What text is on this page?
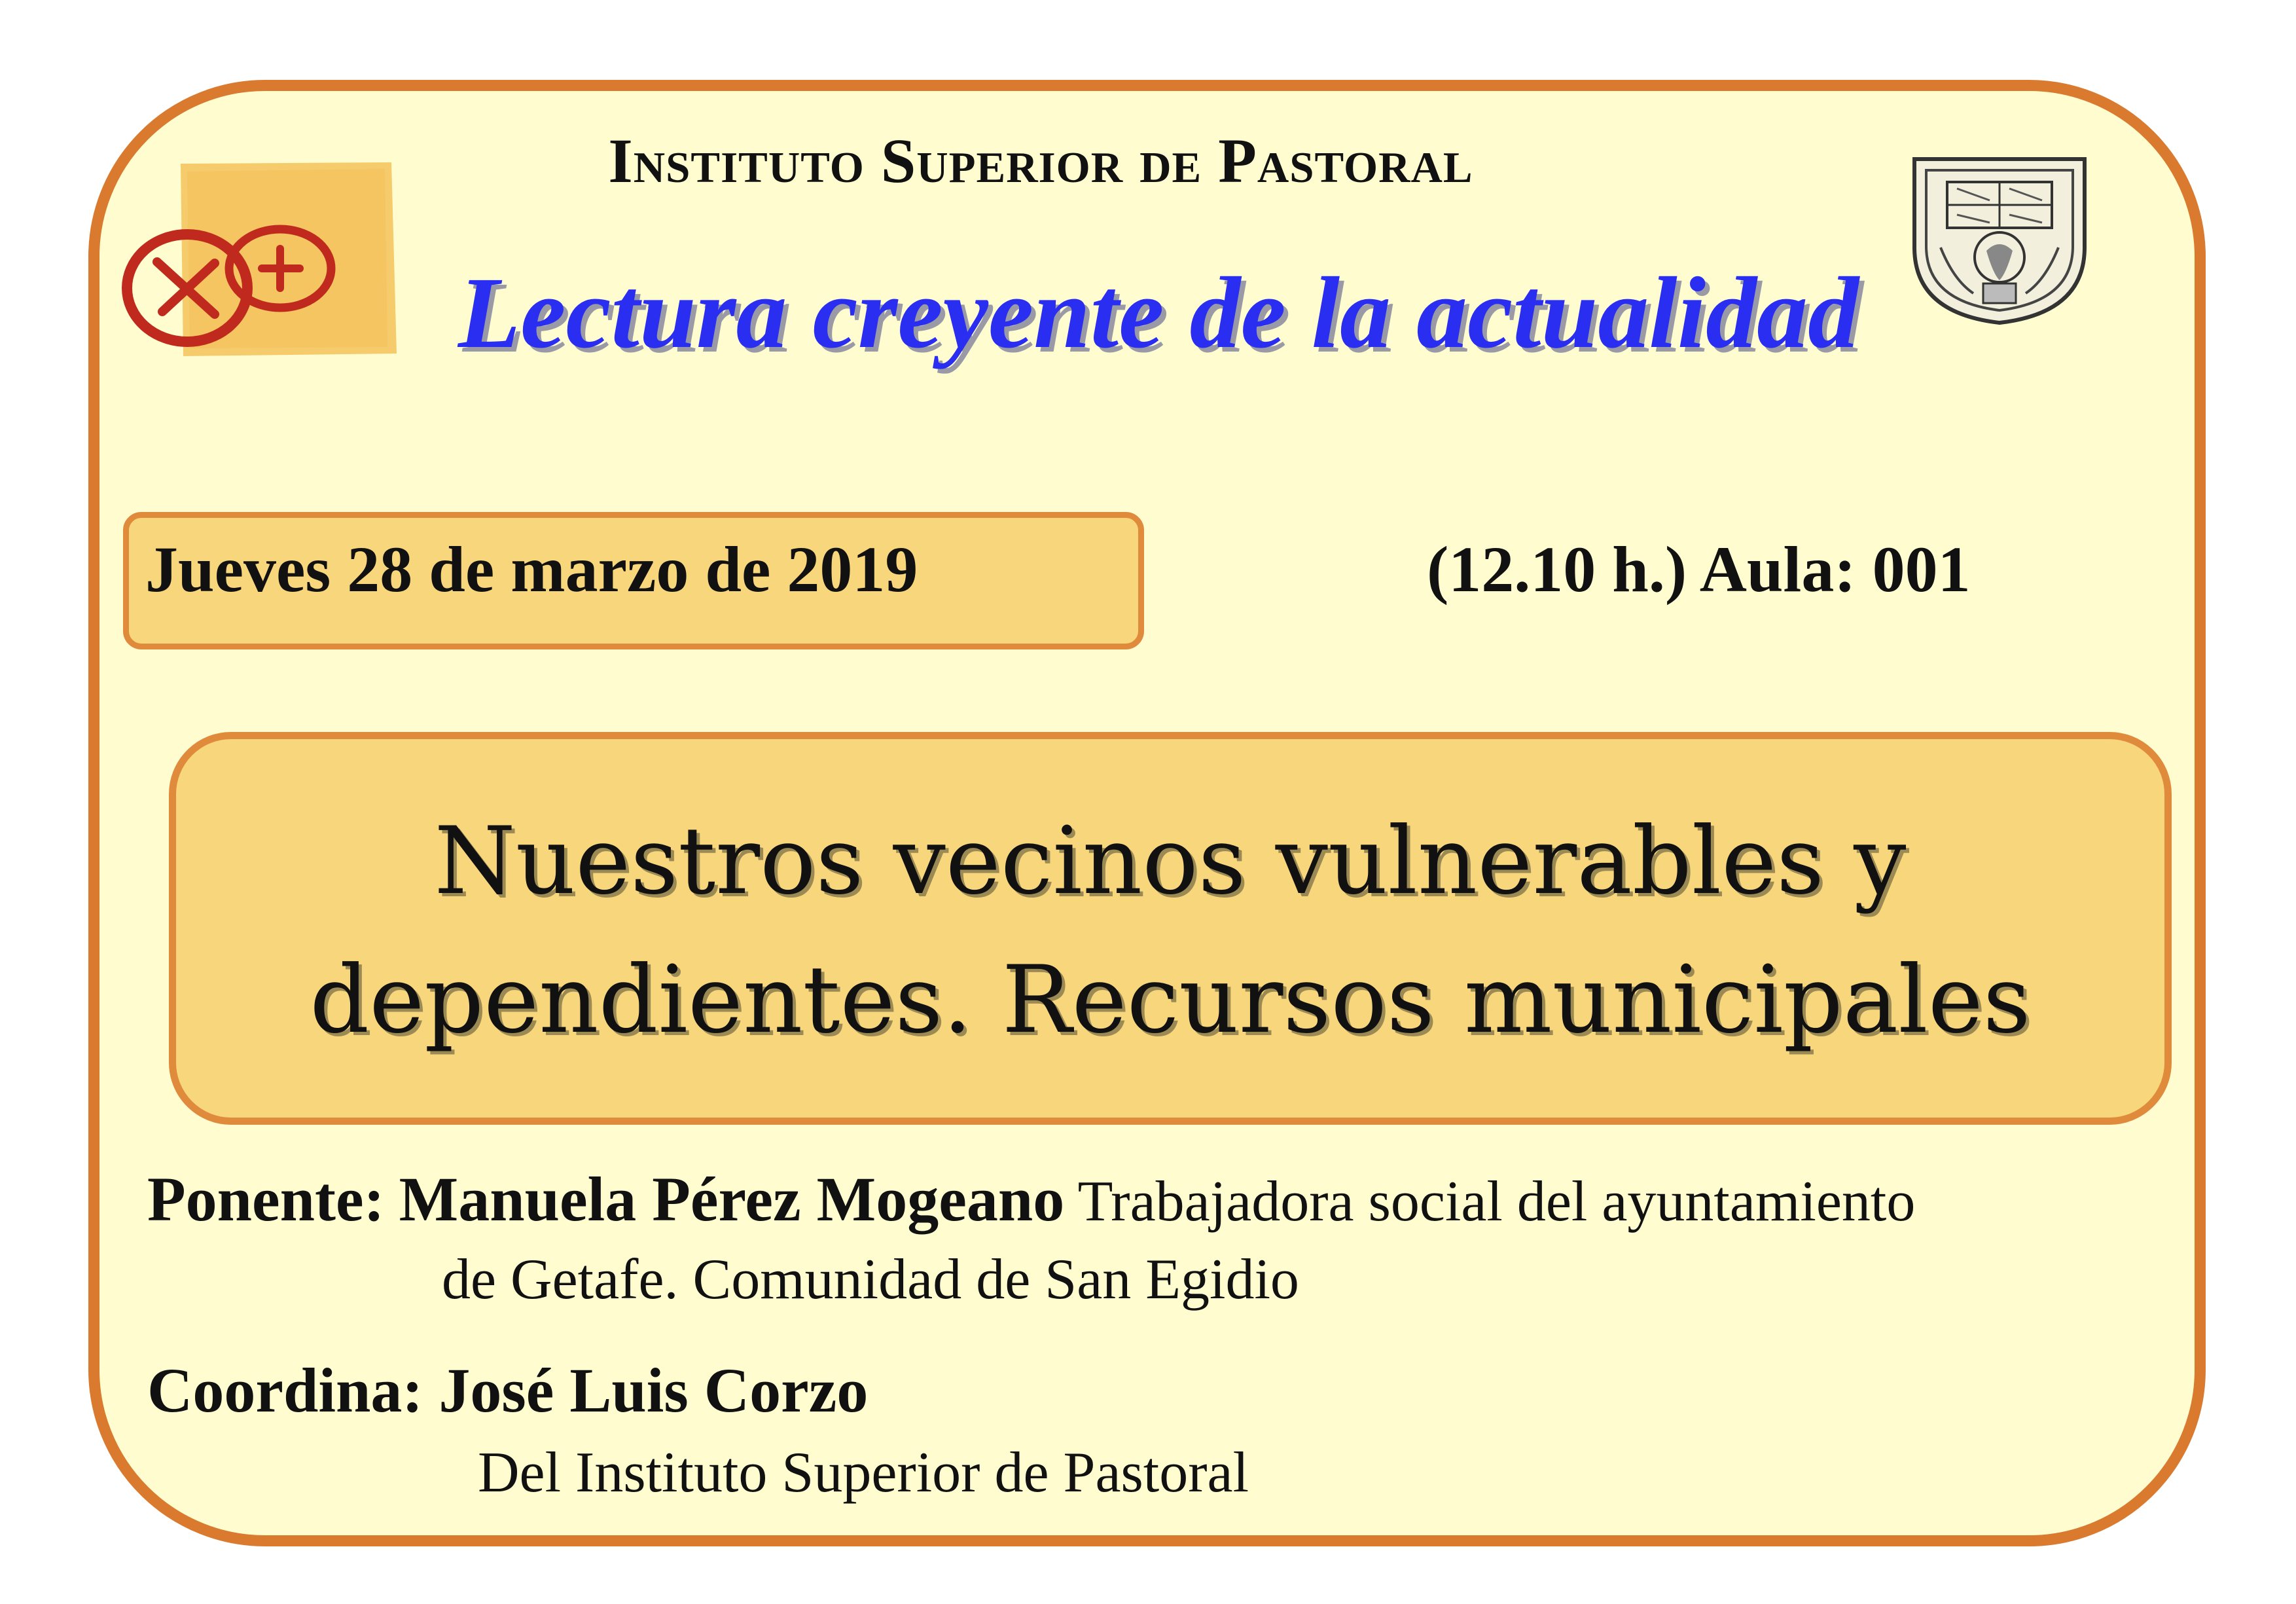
Instituto Superior de Pastoral
Lectura creyente de la actualidad
Jueves 28 de marzo de 2019	(12.10 h.) Aula: 001
Nuestros vecinos vulnerables y
dependientes. Recursos municipales
Ponente: Manuela Pérez Mogeano Trabajadora social del ayuntamiento
de Getafe. Comunidad de San Egidio
Coordina: José Luis Corzo
Del Instituto Superior de Pastoral
